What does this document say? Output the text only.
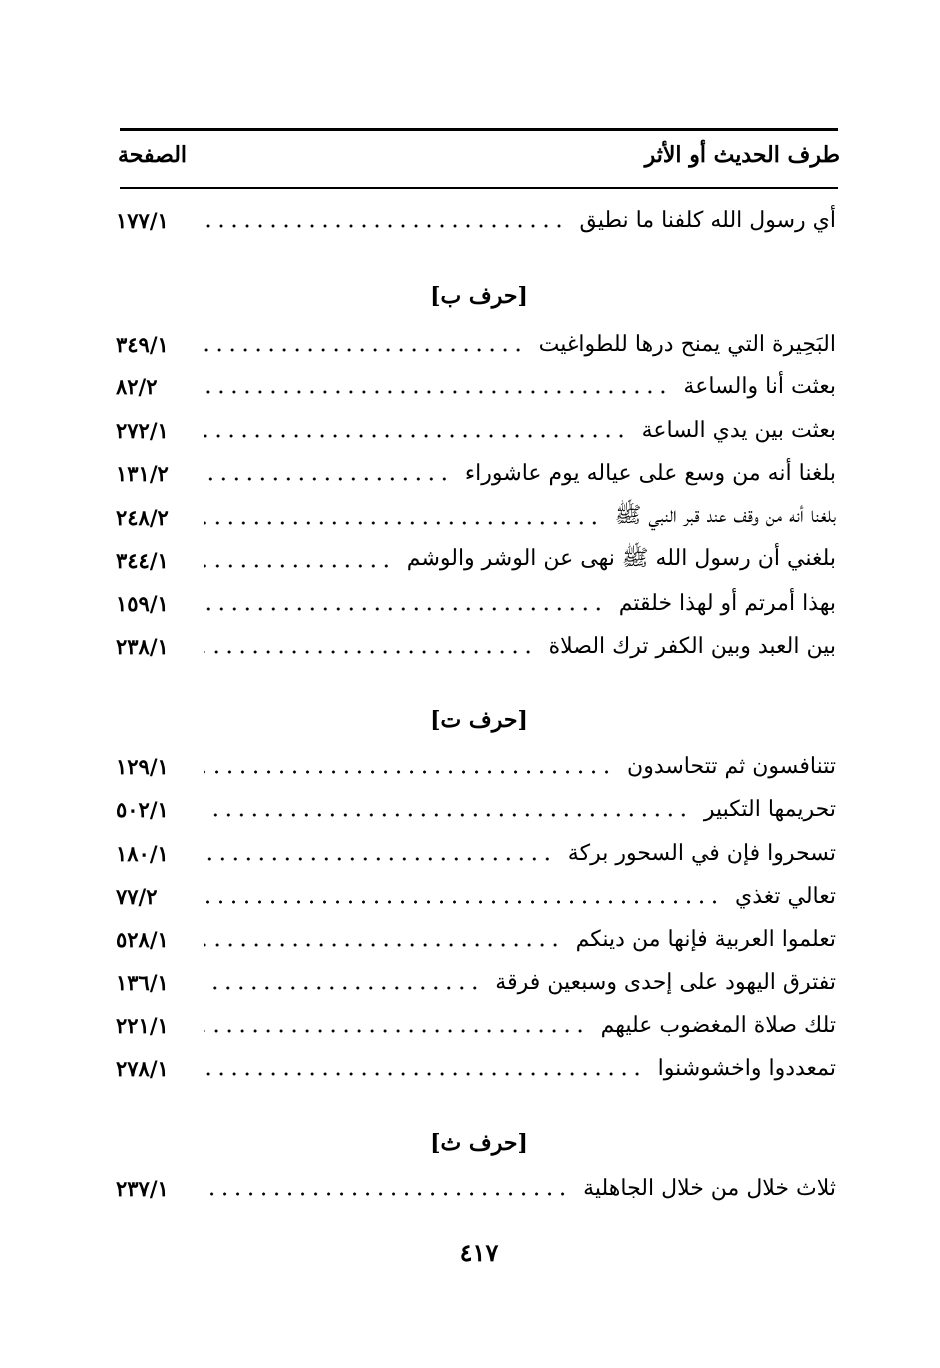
طرف الحديث أو الأثر
الصفحة
أي رسول الله كلفنا ما نطيق
١٧٧/١
[حرف ب]
البَحِيرة التي يمنح درها للطواغيت
٣٤٩/١
بعثت أنا والساعة
٨٢/٢
بعثت بين يدي الساعة
٢٧٢/١
بلغنا أنه من وسع على عياله يوم عاشوراء
١٣١/٢
بلغنا أنه من وقف عند قبر النبي ﷺ
٢٤٨/٢
بلغني أن رسول الله ﷺ نهى عن الوشر والوشم
٣٤٤/١
بهذا أمرتم أو لهذا خلقتم
١٥٩/١
بين العبد وبين الكفر ترك الصلاة
٢٣٨/١
[حرف ت]
تتنافسون ثم تتحاسدون
١٢٩/١
تحريمها التكبير
٥٠٢/١
تسحروا فإن في السحور بركة
١٨٠/١
تعالي تغذي
٧٧/٢
تعلموا العربية فإنها من دينكم
٥٢٨/١
تفترق اليهود على إحدى وسبعين فرقة
١٣٦/١
تلك صلاة المغضوب عليهم
٢٢١/١
تمعددوا واخشوشنوا
٢٧٨/١
[حرف ث]
ثلاث خلال من خلال الجاهلية
٢٣٧/١
٤١٧
